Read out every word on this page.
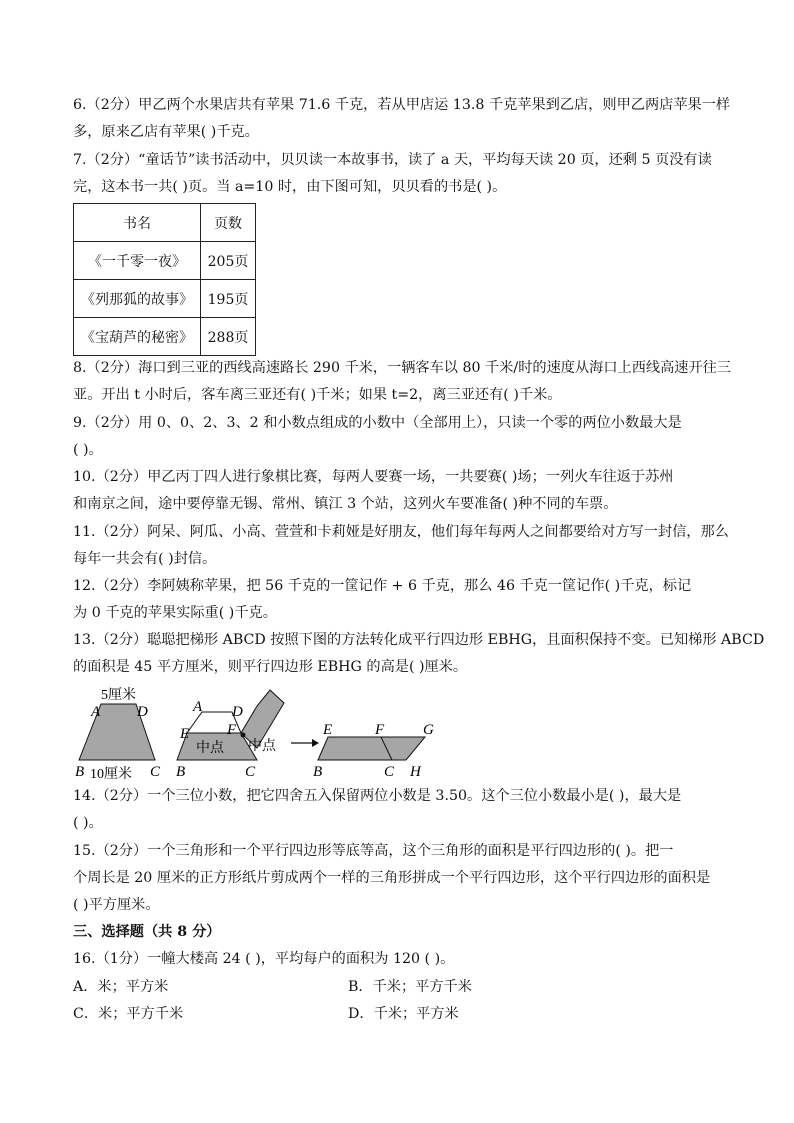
6.（2分）甲乙两个水果店共有苹果 71.6 千克，若从甲店运 13.8 千克苹果到乙店，则甲乙两店苹果一样
多，原来乙店有苹果( )千克。
7.（2分）“童话节”读书活动中，贝贝读一本故事书，读了 a 天，平均每天读 20 页，还剩 5 页没有读
完，这本书一共( )页。当 a=10 时，由下图可知，贝贝看的书是( )。
书名	页数
《一千零一夜》	205页
《列那狐的故事》	195页
《宝葫芦的秘密》	288页
8.（2分）海口到三亚的西线高速路长 290 千米，一辆客车以 80 千米/时的速度从海口上西线高速开往三
亚。开出 t 小时后，客车离三亚还有( )千米；如果 t=2，离三亚还有( )千米。
9.（2分）用 0、0、2、3、2 和小数点组成的小数中（全部用上），只读一个零的两位小数最大是
( )。
10.（2分）甲乙丙丁四人进行象棋比赛，每两人要赛一场，一共要赛( )场；一列火车往返于苏州
和南京之间，途中要停靠无锡、常州、镇江 3 个站，这列火车要准备( )种不同的车票。
11.（2分）阿呆、阿瓜、小高、萱萱和卡莉娅是好朋友，他们每年每两人之间都要给对方写一封信，那么
每年一共会有( )封信。
12.（2分）李阿姨称苹果，把 56 千克的一筐记作 + 6 千克，那么 46 千克一筐记作( )千克，标记
为 0 千克的苹果实际重( )千克。
13.（2分）聪聪把梯形 ABCD 按照下图的方法转化成平行四边形 EBHG，且面积保持不变。已知梯形 ABCD
的面积是 45 平方厘米，则平行四边形 EBHG 的高是( )厘米。
5厘米
A D
B 10厘米 C
A D
F
E
中点 中点
B	C
E	F	G
B	C H
14.（2分）一个三位小数，把它四舍五入保留两位小数是 3.50。这个三位小数最小是( )，最大是
( )。
15.（2分）一个三角形和一个平行四边形等底等高，这个三角形的面积是平行四边形的( )。把一
个周长是 20 厘米的正方形纸片剪成两个一样的三角形拼成一个平行四边形，这个平行四边形的面积是
( )平方厘米。
三、选择题（共 8 分）
16.（1分）一幢大楼高 24 ( )，平均每户的面积为 120 ( )。
A．米；平方米	B．千米；平方千米
C．米；平方千米	D．千米；平方米
